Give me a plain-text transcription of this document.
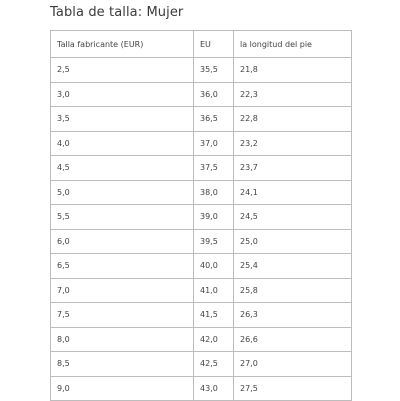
Tabla de talla: Mujer
Talla fabricante (EUR)	EU	la longitud del pie
2,5	35,5	21,8
3,0	36,0	22,3
3,5	36,5	22,8
4,0	37,0	23,2
4,5	37,5	23,7
5,0	38,0	24,1
5,5	39,0	24,5
6,0	39,5	25,0
6,5	40,0	25,4
7,0	41,0	25,8
7,5	41,5	26,3
8,0	42,0	26,6
8,5	42,5	27,0
9,0	43,0	27,5
